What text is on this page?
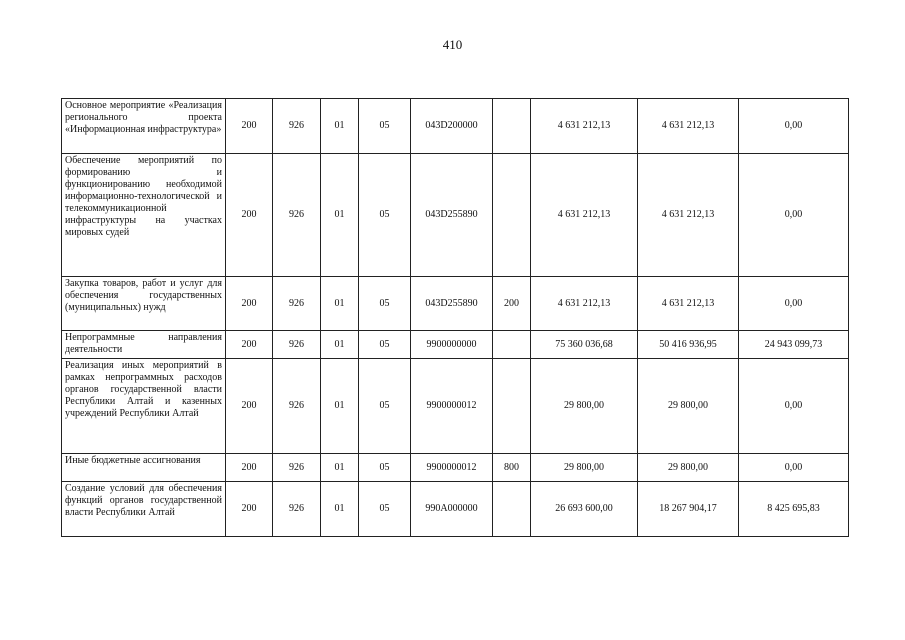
410
Основное мероприятие «Реализация регионального проекта «Информационная инфраструктура»	200	926	01	05	043D200000		4 631 212,13	4 631 212,13	0,00
Обеспечение мероприятий по формированию и функционированию необходимой информационно-технологической и телекоммуникационной инфраструктуры на участках мировых судей	200	926	01	05	043D255890		4 631 212,13	4 631 212,13	0,00
Закупка товаров, работ и услуг для обеспечения государственных (муниципальных) нужд	200	926	01	05	043D255890	200	4 631 212,13	4 631 212,13	0,00
Непрограммные направления деятельности	200	926	01	05	9900000000		75 360 036,68	50 416 936,95	24 943 099,73
Реализация иных мероприятий в рамках непрограммных расходов органов государственной власти Республики Алтай и казенных учреждений Республики Алтай	200	926	01	05	9900000012		29 800,00	29 800,00	0,00
Иные бюджетные ассигнования	200	926	01	05	9900000012	800	29 800,00	29 800,00	0,00
Создание условий для обеспечения функций органов государственной власти Республики Алтай	200	926	01	05	990A000000		26 693 600,00	18 267 904,17	8 425 695,83
